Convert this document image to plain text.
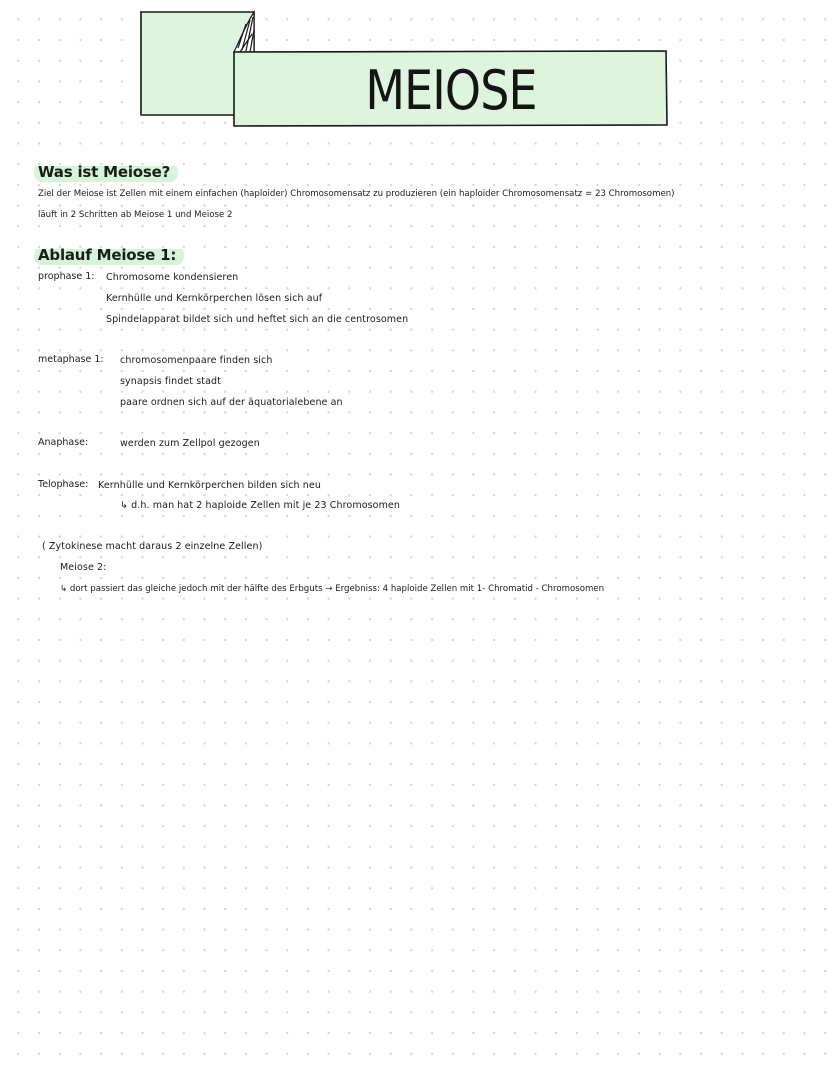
MEIOSE
Was ist Meiose?
Ziel der Meiose ist Zellen mit einem einfachen (haploider) Chromosomensatz zu produzieren (ein haploider Chromosomensatz = 23 Chromosomen)
läuft in 2 Schritten ab Meiose 1 und Meiose 2
Ablauf Meiose 1:
prophase 1: Chromosome kondensieren
Kernhülle und Kernkörperchen lösen sich auf
Spindelapparat bildet sich und heftet sich an die centrosomen
metaphase 1: chromosomenpaare finden sich
synapsis findet stadt
paare ordnen sich auf der äquatorialebene an
Anaphase:	werden zum Zellpol gezogen
Telophase: Kernhülle und Kernkörperchen bilden sich neu
↳ d.h. man hat 2 haploide Zellen mit je 23 Chromosomen
( Zytokinese macht daraus 2 einzelne Zellen)
Meiose 2:
↳ dort passiert das gleiche jedoch mit der hälfte des Erbguts → Ergebniss: 4 haploide Zellen mit 1- Chromatid - Chromosomen
